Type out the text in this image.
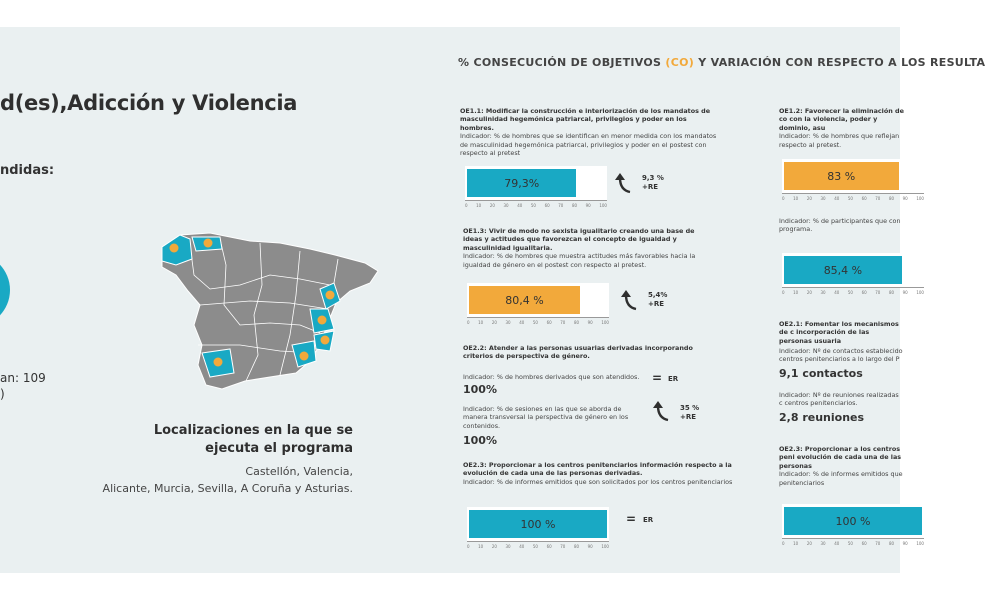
d(es),Adicción y Violencia
ndidas:
an: 109
)
Localizaciones en la que se ejecuta el programa
Castellón, Valencia,
Alicante, Murcia, Sevilla, A Coruña y Asturias.
% CONSECUCIÓN DE OBJETIVOS (CO) Y VARIACIÓN CON RESPECTO A LOS RESULTA
OE1.1: Modificar la construcción e interiorización de los mandatos de masculinidad hegemónica patriarcal, privilegios y poder en los hombres.
Indicador: % de hombres que se identifican en menor medida con los mandatos de masculinidad hegemónica patriarcal, privilegios y poder en el postest con respecto al pretest
79,3%
0 10 20 30 40 50 60 70 80 90 100
9,3 %
+RE
OE1.3: Vivir de modo no sexista igualitario creando una base de ideas y actitudes que favorezcan el concepto de igualdad y masculinidad igualitaria.
Indicador: % de hombres que muestra actitudes más favorables hacia la igualdad de género en el postest con respecto al pretest.
80,4 %
0 10 20 30 40 50 60 70 80 90 100
5,4%
+RE
OE2.2: Atender a las personas usuarias derivadas incorporando criterios de perspectiva de género.
Indicador: % de hombres derivados que son atendidos.
100%
= ER
Indicador: % de sesiones en las que se aborda de manera transversal la perspectiva de género en los contenidos.
100%
35 %
+RE
OE2.3: Proporcionar a los centros penitenciarios información respecto a la evolución de cada una de las personas derivadas.
Indicador: % de informes emitidos que son solicitados por los centros penitenciarios
100 %
0 10 20 30 40 50 60 70 80 90 100
= ER
OE1.2: Favorecer la eliminación de co con la violencia, poder y dominio, asu
Indicador: % de hombres que reflejan respecto al pretest.
83 %
0 10 20 30 40 50 60 70 80 90 100
Indicador: % de participantes que con programa.
85,4 %
0 10 20 30 40 50 60 70 80 90 100
OE2.1: Fomentar los mecanismos de c incorporación de las personas usuaria
Indicador: Nº de contactos establecido centros penitenciarios a lo largo del P
9,1 contactos
Indicador: Nº de reuniones realizadas c centros penitenciarios.
2,8 reuniones
OE2.3: Proporcionar a los centros peni evolución de cada una de las personas
Indicador: % de informes emitidos que penitenciarios
100 %
0 10 20 30 40 50 60 70 80 90 100
